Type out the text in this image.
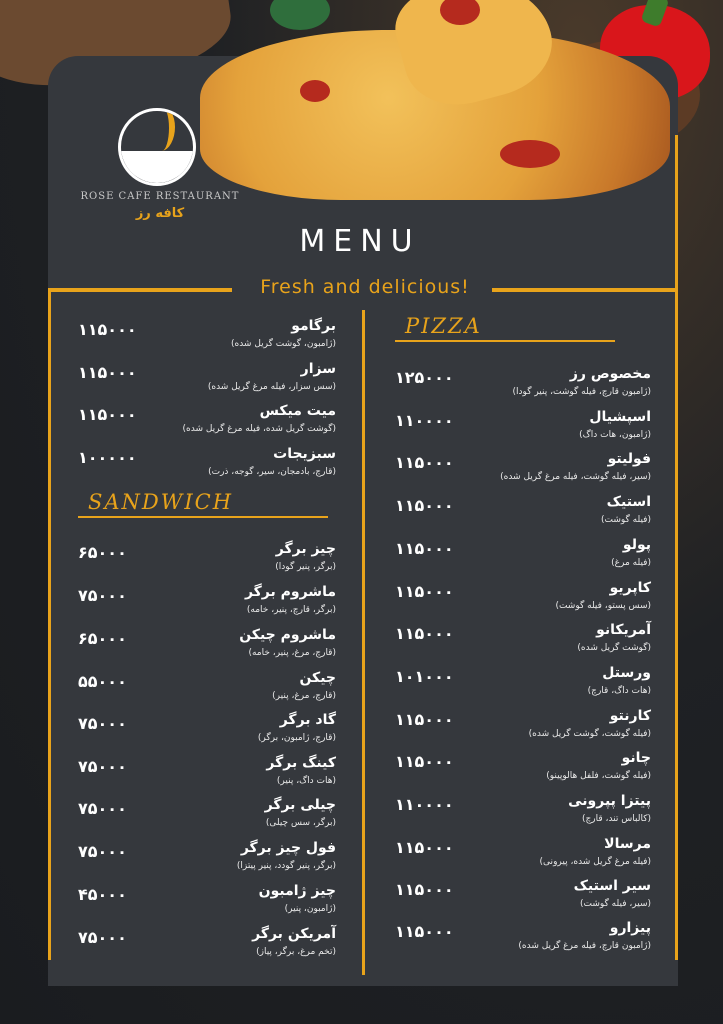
ROSE CAFE RESTAURANT
کافه رز
MENU
Fresh and delicious!
SANDWICH
PIZZA
برگامو
(ژامبون، گوشت گریل شده)
۱۱۵۰۰۰
سزار
(سس سزار، فیله مرغ گریل شده)
۱۱۵۰۰۰
میت میکس
(گوشت گریل شده، فیله مرغ گریل شده)
۱۱۵۰۰۰
سبزیجات
(قارچ، بادمجان، سیر، گوجه، ذرت)
۱۰۰۰۰۰
چیز برگر
(برگر، پنیر گودا)
۶۵۰۰۰
ماشروم برگر
(برگر، قارچ، پنیر، خامه)
۷۵۰۰۰
ماشروم چیکن
(قارچ، مرغ، پنیر، خامه)
۶۵۰۰۰
چیکن
(قارچ، مرغ، پنیر)
۵۵۰۰۰
گاد برگر
(قارچ، ژامبون، برگر)
۷۵۰۰۰
کینگ برگر
(هات داگ، پنیر)
۷۵۰۰۰
چیلی برگر
(برگر، سس چیلی)
۷۵۰۰۰
فول چیز برگر
(برگر، پنیر گودد، پنیر پیتزا)
۷۵۰۰۰
چیز ژامبون
(ژامبون، پنیر)
۴۵۰۰۰
آمریکن برگر
(تخم مرغ، برگر، پیاز)
۷۵۰۰۰
مخصوص رز
(ژامبون قارچ، فیله گوشت، پنیر گودا)
۱۲۵۰۰۰
اسپشیال
(ژامبون، هات داگ)
۱۱۰۰۰۰
فولیتو
(سیر، فیله گوشت، فیله مرغ گریل شده)
۱۱۵۰۰۰
استیک
(فیله گوشت)
۱۱۵۰۰۰
پولو
(فیله مرغ)
۱۱۵۰۰۰
کاپریو
(سس پستو، فیله گوشت)
۱۱۵۰۰۰
آمریکانو
(گوشت گریل شده)
۱۱۵۰۰۰
ورستل
(هات داگ، قارچ)
۱۰۱۰۰۰
کارنتو
(فیله گوشت، گوشت گریل شده)
۱۱۵۰۰۰
چانو
(فیله گوشت، فلفل هالوپینو)
۱۱۵۰۰۰
پیتزا پپرونی
(کالباس تند، قارچ)
۱۱۰۰۰۰
مرسالا
(فیله مرغ گریل شده، پیرونی)
۱۱۵۰۰۰
سیر استیک
(سیر، فیله گوشت)
۱۱۵۰۰۰
پیزارو
(ژامبون قارچ، فیله مرغ گریل شده)
۱۱۵۰۰۰
